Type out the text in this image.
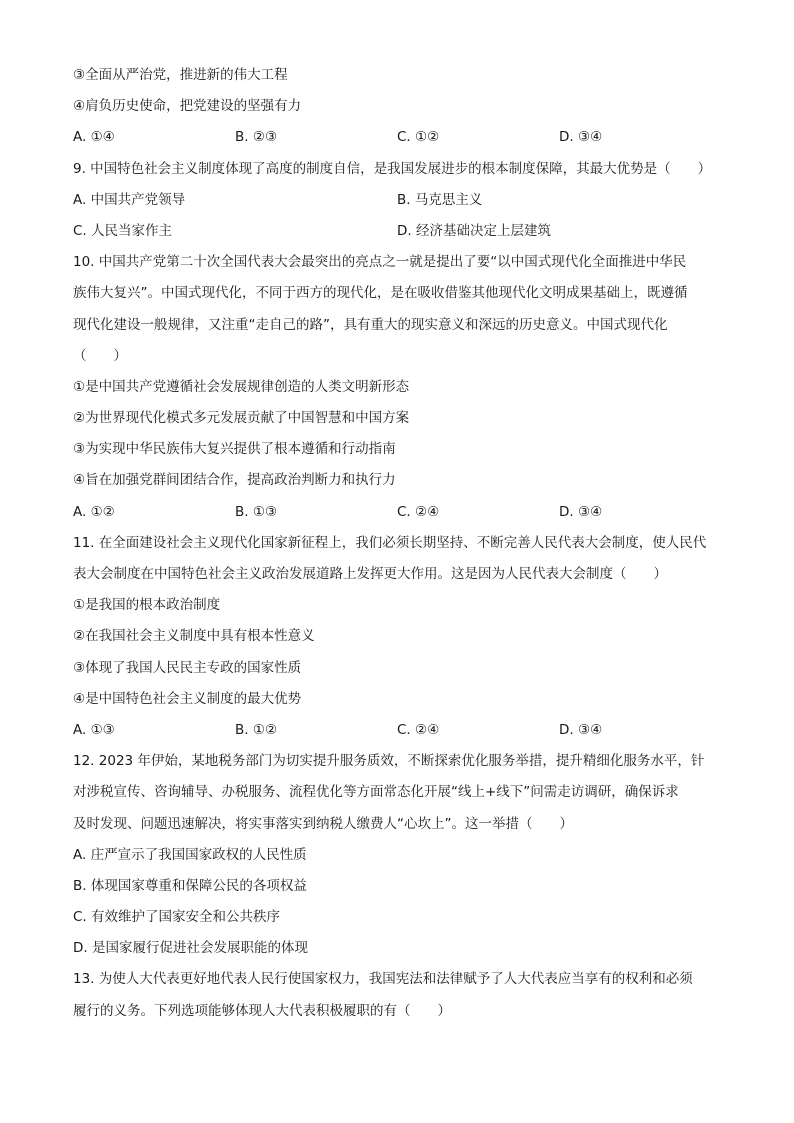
③全面从严治党，推进新的伟大工程
④肩负历史使命，把党建设的坚强有力
A. ①④	B. ②③	C. ①②	D. ③④
9. 中国特色社会主义制度体现了高度的制度自信，是我国发展进步的根本制度保障，其最大优势是（　　）
A. 中国共产党领导	B. 马克思主义
C. 人民当家作主	D. 经济基础决定上层建筑
10. 中国共产党第二十次全国代表大会最突出的亮点之一就是提出了要“以中国式现代化全面推进中华民
族伟大复兴”。中国式现代化，不同于西方的现代化，是在吸收借鉴其他现代化文明成果基础上，既遵循
现代化建设一般规律，又注重“走自己的路”，具有重大的现实意义和深远的历史意义。中国式现代化
（　　）
①是中国共产党遵循社会发展规律创造的人类文明新形态
②为世界现代化模式多元发展贡献了中国智慧和中国方案
③为实现中华民族伟大复兴提供了根本遵循和行动指南
④旨在加强党群间团结合作，提高政治判断力和执行力
A. ①②	B. ①③	C. ②④	D. ③④
11. 在全面建设社会主义现代化国家新征程上，我们必须长期坚持、不断完善人民代表大会制度，使人民代
表大会制度在中国特色社会主义政治发展道路上发挥更大作用。这是因为人民代表大会制度（　　）
①是我国的根本政治制度
②在我国社会主义制度中具有根本性意义
③体现了我国人民民主专政的国家性质
④是中国特色社会主义制度的最大优势
A. ①③	B. ①②	C. ②④	D. ③④
12. 2023 年伊始，某地税务部门为切实提升服务质效，不断探索优化服务举措，提升精细化服务水平，针
对涉税宣传、咨询辅导、办税服务、流程优化等方面常态化开展“线上+线下”问需走访调研，确保诉求
及时发现、问题迅速解决，将实事落实到纳税人缴费人“心坎上”。这一举措（　　）
A. 庄严宣示了我国国家政权的人民性质
B. 体现国家尊重和保障公民的各项权益
C. 有效维护了国家安全和公共秩序
D. 是国家履行促进社会发展职能的体现
13. 为使人大代表更好地代表人民行使国家权力，我国宪法和法律赋予了人大代表应当享有的权利和必须
履行的义务。下列选项能够体现人大代表积极履职的有（　　）
